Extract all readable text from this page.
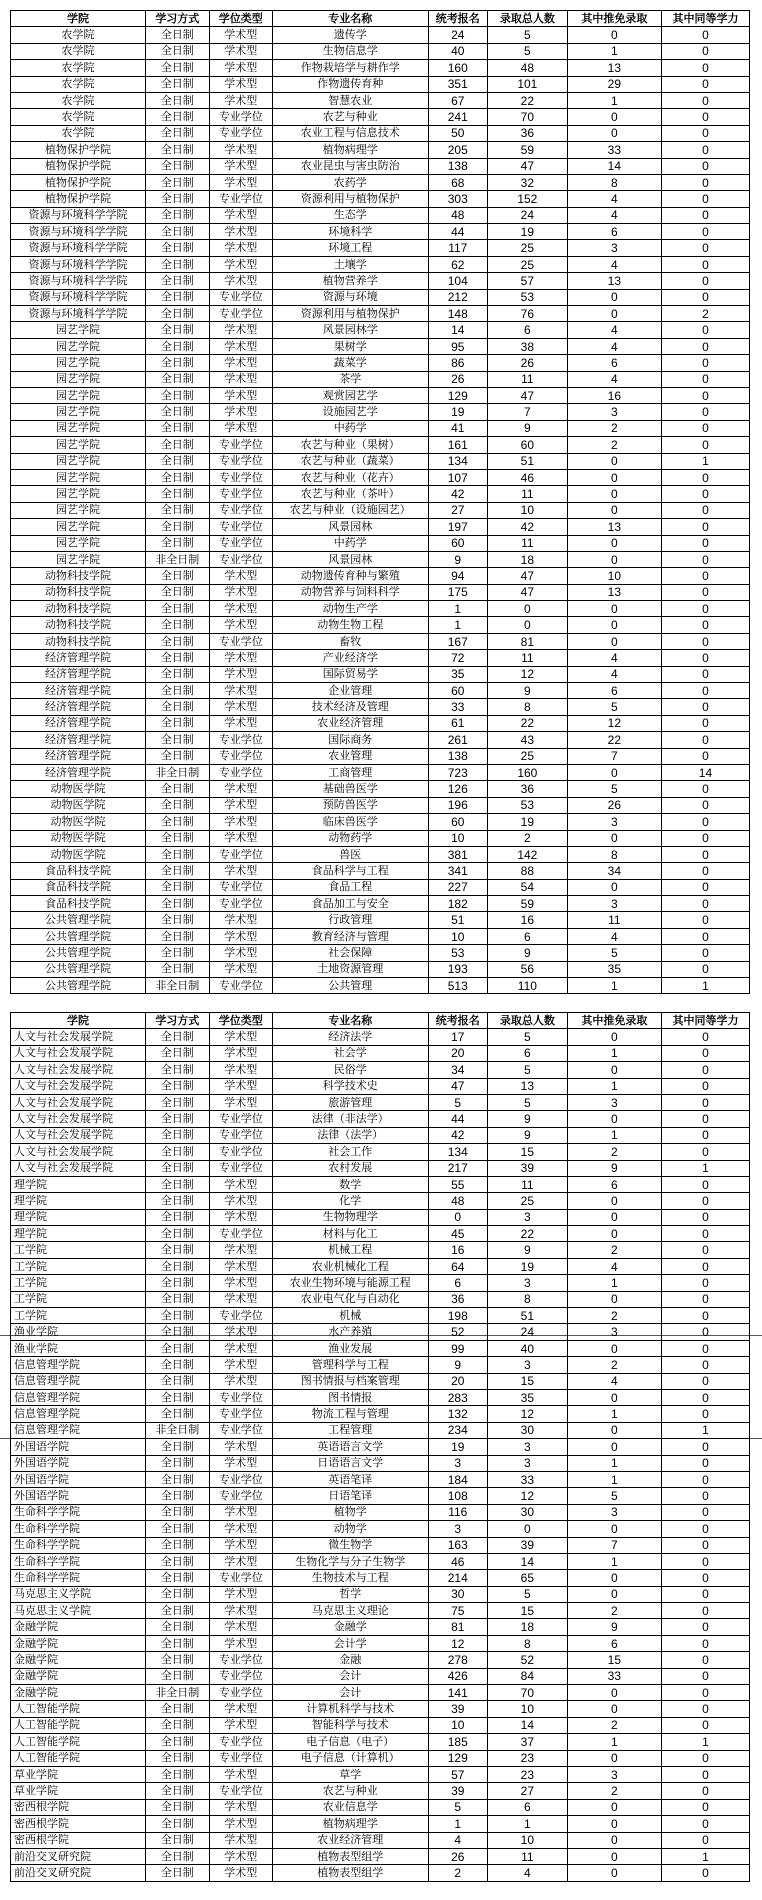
学院	学习方式	学位类型	专业名称	统考报名	录取总人数	其中推免录取	其中同等学力
农学院	全日制	学术型	遗传学	24	5	0	0
农学院	全日制	学术型	生物信息学	40	5	1	0
农学院	全日制	学术型	作物栽培学与耕作学	160	48	13	0
农学院	全日制	学术型	作物遗传育种	351	101	29	0
农学院	全日制	学术型	智慧农业	67	22	1	0
农学院	全日制	专业学位	农艺与种业	241	70	0	0
农学院	全日制	专业学位	农业工程与信息技术	50	36	0	0
植物保护学院	全日制	学术型	植物病理学	205	59	33	0
植物保护学院	全日制	学术型	农业昆虫与害虫防治	138	47	14	0
植物保护学院	全日制	学术型	农药学	68	32	8	0
植物保护学院	全日制	专业学位	资源利用与植物保护	303	152	4	0
资源与环境科学学院	全日制	学术型	生态学	48	24	4	0
资源与环境科学学院	全日制	学术型	环境科学	44	19	6	0
资源与环境科学学院	全日制	学术型	环境工程	117	25	3	0
资源与环境科学学院	全日制	学术型	土壤学	62	25	4	0
资源与环境科学学院	全日制	学术型	植物营养学	104	57	13	0
资源与环境科学学院	全日制	专业学位	资源与环境	212	53	0	0
资源与环境科学学院	全日制	专业学位	资源利用与植物保护	148	76	0	2
园艺学院	全日制	学术型	风景园林学	14	6	4	0
园艺学院	全日制	学术型	果树学	95	38	4	0
园艺学院	全日制	学术型	蔬菜学	86	26	6	0
园艺学院	全日制	学术型	茶学	26	11	4	0
园艺学院	全日制	学术型	观赏园艺学	129	47	16	0
园艺学院	全日制	学术型	设施园艺学	19	7	3	0
园艺学院	全日制	学术型	中药学	41	9	2	0
园艺学院	全日制	专业学位	农艺与种业（果树）	161	60	2	0
园艺学院	全日制	专业学位	农艺与种业（蔬菜）	134	51	0	1
园艺学院	全日制	专业学位	农艺与种业（花卉）	107	46	0	0
园艺学院	全日制	专业学位	农艺与种业（茶叶）	42	11	0	0
园艺学院	全日制	专业学位	农艺与种业（设施园艺）	27	10	0	0
园艺学院	全日制	专业学位	风景园林	197	42	13	0
园艺学院	全日制	专业学位	中药学	60	11	0	0
园艺学院	非全日制	专业学位	风景园林	9	18	0	0
动物科技学院	全日制	学术型	动物遗传育种与繁殖	94	47	10	0
动物科技学院	全日制	学术型	动物营养与饲料科学	175	47	13	0
动物科技学院	全日制	学术型	动物生产学	1	0	0	0
动物科技学院	全日制	学术型	动物生物工程	1	0	0	0
动物科技学院	全日制	专业学位	畜牧	167	81	0	0
经济管理学院	全日制	学术型	产业经济学	72	11	4	0
经济管理学院	全日制	学术型	国际贸易学	35	12	4	0
经济管理学院	全日制	学术型	企业管理	60	9	6	0
经济管理学院	全日制	学术型	技术经济及管理	33	8	5	0
经济管理学院	全日制	学术型	农业经济管理	61	22	12	0
经济管理学院	全日制	专业学位	国际商务	261	43	22	0
经济管理学院	全日制	专业学位	农业管理	138	25	7	0
经济管理学院	非全日制	专业学位	工商管理	723	160	0	14
动物医学院	全日制	学术型	基础兽医学	126	36	5	0
动物医学院	全日制	学术型	预防兽医学	196	53	26	0
动物医学院	全日制	学术型	临床兽医学	60	19	3	0
动物医学院	全日制	学术型	动物药学	10	2	0	0
动物医学院	全日制	专业学位	兽医	381	142	8	0
食品科技学院	全日制	学术型	食品科学与工程	341	88	34	0
食品科技学院	全日制	专业学位	食品工程	227	54	0	0
食品科技学院	全日制	专业学位	食品加工与安全	182	59	3	0
公共管理学院	全日制	学术型	行政管理	51	16	11	0
公共管理学院	全日制	学术型	教育经济与管理	10	6	4	0
公共管理学院	全日制	学术型	社会保障	53	9	5	0
公共管理学院	全日制	学术型	土地资源管理	193	56	35	0
公共管理学院	非全日制	专业学位	公共管理	513	110	1	1
学院	学习方式	学位类型	专业名称	统考报名	录取总人数	其中推免录取	其中同等学力
人文与社会发展学院	全日制	学术型	经济法学	17	5	0	0
人文与社会发展学院	全日制	学术型	社会学	20	6	1	0
人文与社会发展学院	全日制	学术型	民俗学	34	5	0	0
人文与社会发展学院	全日制	学术型	科学技术史	47	13	1	0
人文与社会发展学院	全日制	学术型	旅游管理	5	5	3	0
人文与社会发展学院	全日制	专业学位	法律（非法学）	44	9	0	0
人文与社会发展学院	全日制	专业学位	法律（法学）	42	9	1	0
人文与社会发展学院	全日制	专业学位	社会工作	134	15	2	0
人文与社会发展学院	全日制	专业学位	农村发展	217	39	9	1
理学院	全日制	学术型	数学	55	11	6	0
理学院	全日制	学术型	化学	48	25	0	0
理学院	全日制	学术型	生物物理学	0	3	0	0
理学院	全日制	专业学位	材料与化工	45	22	0	0
工学院	全日制	学术型	机械工程	16	9	2	0
工学院	全日制	学术型	农业机械化工程	64	19	4	0
工学院	全日制	学术型	农业生物环境与能源工程	6	3	1	0
工学院	全日制	学术型	农业电气化与自动化	36	8	0	0
工学院	全日制	专业学位	机械	198	51	2	0
渔业学院	全日制	学术型	水产养殖	52	24	3	0
渔业学院	全日制	学术型	渔业发展	99	40	0	0
信息管理学院	全日制	学术型	管理科学与工程	9	3	2	0
信息管理学院	全日制	学术型	图书情报与档案管理	20	15	4	0
信息管理学院	全日制	专业学位	图书情报	283	35	0	0
信息管理学院	全日制	专业学位	物流工程与管理	132	12	1	0
信息管理学院	非全日制	专业学位	工程管理	234	30	0	1
外国语学院	全日制	学术型	英语语言文学	19	3	0	0
外国语学院	全日制	学术型	日语语言文学	3	3	1	0
外国语学院	全日制	专业学位	英语笔译	184	33	1	0
外国语学院	全日制	专业学位	日语笔译	108	12	5	0
生命科学学院	全日制	学术型	植物学	116	30	3	0
生命科学学院	全日制	学术型	动物学	3	0	0	0
生命科学学院	全日制	学术型	微生物学	163	39	7	0
生命科学学院	全日制	学术型	生物化学与分子生物学	46	14	1	0
生命科学学院	全日制	专业学位	生物技术与工程	214	65	0	0
马克思主义学院	全日制	学术型	哲学	30	5	0	0
马克思主义学院	全日制	学术型	马克思主义理论	75	15	2	0
金融学院	全日制	学术型	金融学	81	18	9	0
金融学院	全日制	学术型	会计学	12	8	6	0
金融学院	全日制	专业学位	金融	278	52	15	0
金融学院	全日制	专业学位	会计	426	84	33	0
金融学院	非全日制	专业学位	会计	141	70	0	0
人工智能学院	全日制	学术型	计算机科学与技术	39	10	0	0
人工智能学院	全日制	学术型	智能科学与技术	10	14	2	0
人工智能学院	全日制	专业学位	电子信息（电子）	185	37	1	1
人工智能学院	全日制	专业学位	电子信息（计算机）	129	23	0	0
草业学院	全日制	学术型	草学	57	23	3	0
草业学院	全日制	专业学位	农艺与种业	39	27	2	0
密西根学院	全日制	学术型	农业信息学	5	6	0	0
密西根学院	全日制	学术型	植物病理学	1	1	0	0
密西根学院	全日制	学术型	农业经济管理	4	10	0	0
前沿交叉研究院	全日制	学术型	植物表型组学	26	11	0	1
前沿交叉研究院	全日制	学术型	植物表型组学	2	4	0	0
